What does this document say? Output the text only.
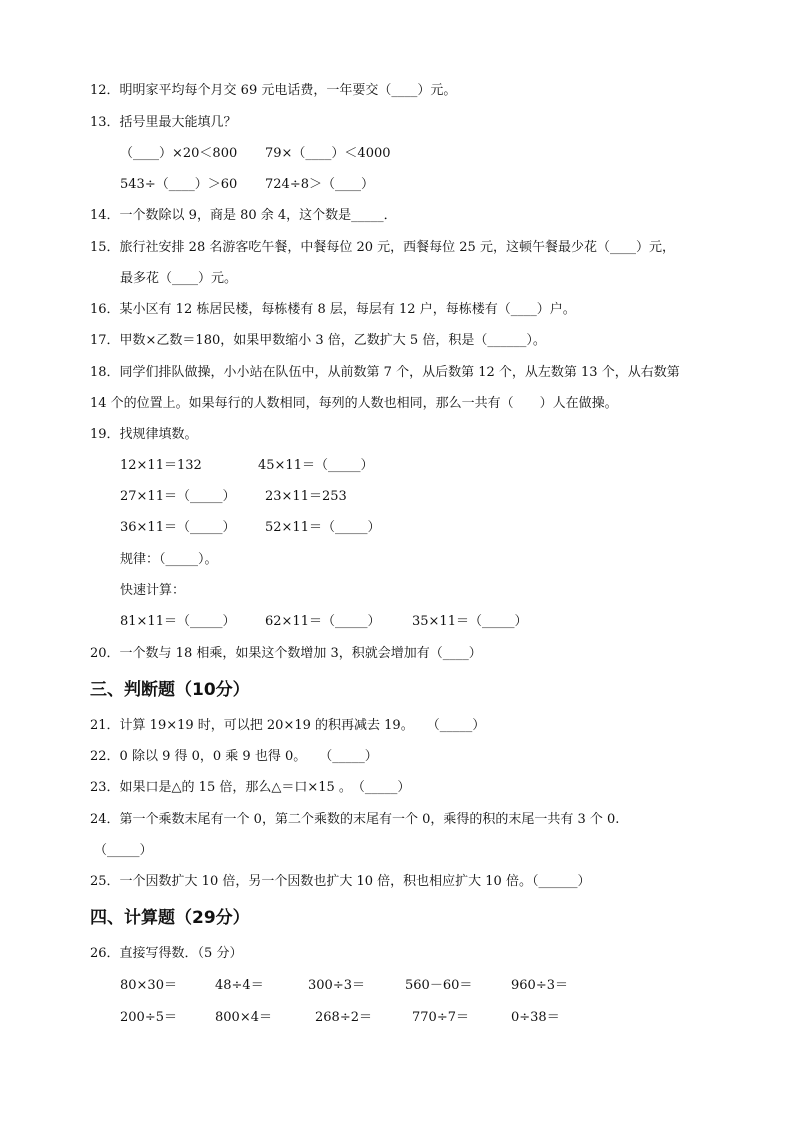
12．明明家平均每个月交 69 元电话费，一年要交（____）元。
13．括号里最大能填几？
（____）×20＜800 79×（____）＜4000
543÷（____）＞60 724÷8＞（____）
14．一个数除以 9，商是 80 余 4，这个数是_____．
15．旅行社安排 28 名游客吃午餐，中餐每位 20 元，西餐每位 25 元，这顿午餐最少花（____）元，
最多花（____）元。
16．某小区有 12 栋居民楼，每栋楼有 8 层，每层有 12 户，每栋楼有（____）户。
17．甲数×乙数＝180，如果甲数缩小 3 倍，乙数扩大 5 倍，积是（______）。
18．同学们排队做操，小小站在队伍中，从前数第 7 个，从后数第 12 个，从左数第 13 个，从右数第
14 个的位置上。如果每行的人数相同，每列的人数也相同，那么一共有（　　）人在做操。
19．找规律填数。
12×11＝132	45×11＝（_____）
27×11＝（_____） 23×11＝253
36×11＝（_____） 52×11＝（_____）
规律：（_____）。
快速计算：
81×11＝（_____） 62×11＝（_____） 35×11＝（_____）
20．一个数与 18 相乘，如果这个数增加 3，积就会增加有（____）
三、判断题（10分）
21．计算 19×19 时，可以把 20×19 的积再减去 19。　　（_____）
22．0 除以 9 得 0，0 乘 9 也得 0。　　（_____）
23．如果口是△的 15 倍，那么△＝口×15 。　（_____）
24．第一个乘数末尾有一个 0，第二个乘数的末尾有一个 0，乘得的积的末尾一共有 3 个 0.
（_____）
25．一个因数扩大 10 倍，另一个因数也扩大 10 倍，积也相应扩大 10 倍。（______）
四、计算题（29分）
26．直接写得数．（5 分）
80×30＝	48÷4＝	300÷3＝	560－60＝	960÷3＝
200÷5＝	800×4＝	268÷2＝	770÷7＝	0÷38＝
